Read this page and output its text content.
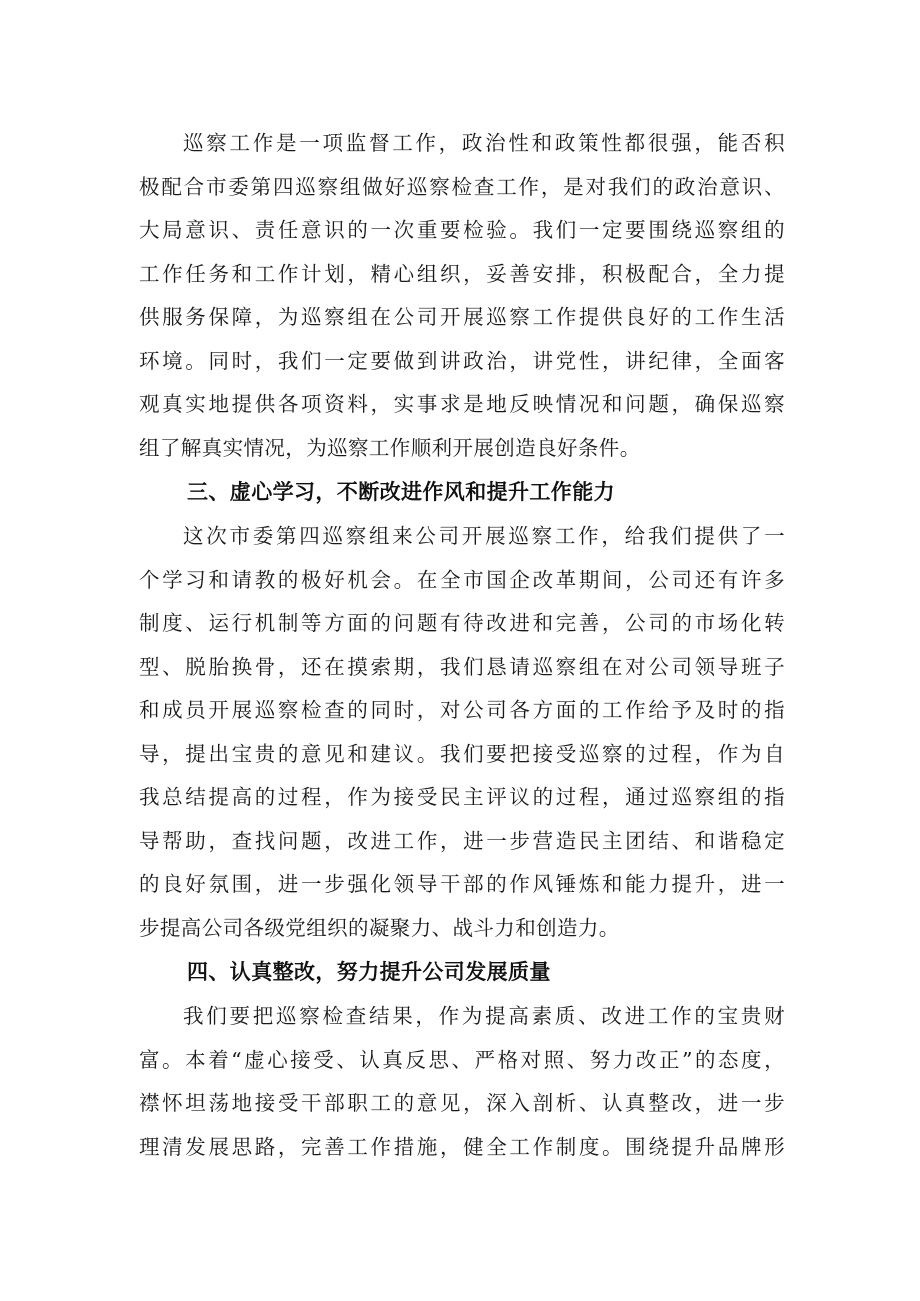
巡察工作是一项监督工作，政治性和政策性都很强，能否积
极配合市委第四巡察组做好巡察检查工作，是对我们的政治意识、
大局意识、责任意识的一次重要检验。我们一定要围绕巡察组的
工作任务和工作计划，精心组织，妥善安排，积极配合，全力提
供服务保障，为巡察组在公司开展巡察工作提供良好的工作生活
环境。同时，我们一定要做到讲政治，讲党性，讲纪律，全面客
观真实地提供各项资料，实事求是地反映情况和问题，确保巡察
组了解真实情况，为巡察工作顺利开展创造良好条件。
三、虚心学习，不断改进作风和提升工作能力
这次市委第四巡察组来公司开展巡察工作，给我们提供了一
个学习和请教的极好机会。在全市国企改革期间，公司还有许多
制度、运行机制等方面的问题有待改进和完善，公司的市场化转
型、脱胎换骨，还在摸索期，我们恳请巡察组在对公司领导班子
和成员开展巡察检查的同时，对公司各方面的工作给予及时的指
导，提出宝贵的意见和建议。我们要把接受巡察的过程，作为自
我总结提高的过程，作为接受民主评议的过程，通过巡察组的指
导帮助，查找问题，改进工作，进一步营造民主团结、和谐稳定
的良好氛围，进一步强化领导干部的作风锤炼和能力提升，进一
步提高公司各级党组织的凝聚力、战斗力和创造力。
四、认真整改，努力提升公司发展质量
我们要把巡察检查结果，作为提高素质、改进工作的宝贵财
富。本着“虚心接受、认真反思、严格对照、努力改正”的态度，
襟怀坦荡地接受干部职工的意见，深入剖析、认真整改，进一步
理清发展思路，完善工作措施，健全工作制度。围绕提升品牌形
